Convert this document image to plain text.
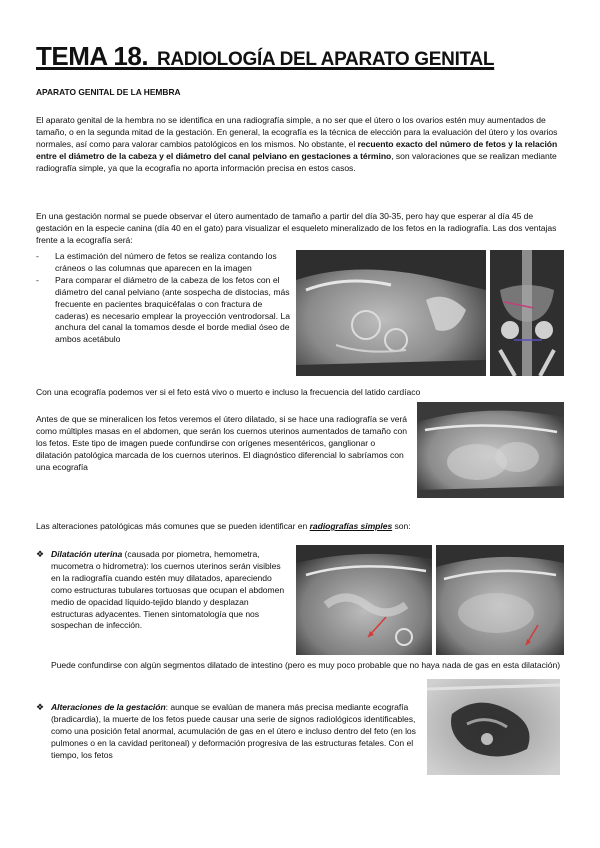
TEMA 18. RADIOLOGÍA DEL APARATO GENITAL

APARATO GENITAL DE LA HEMBRA

El aparato genital de la hembra no se identifica en una radiografía simple, a no ser que el útero o los ovarios estén muy aumentados de tamaño, o en la segunda mitad de la gestación. En general, la ecografía es la técnica de elección para la evaluación del útero y los ovarios normales, así como para valorar cambios patológicos en los mismos. No obstante, el recuento exacto del número de fetos y la relación entre el diámetro de la cabeza y el diámetro del canal pelviano en gestaciones a término, son valoraciones que se realizan mediante radiografía simple, ya que la ecografía no aporta información precisa en estos casos.

En una gestación normal se puede observar el útero aumentado de tamaño a partir del día 30-35, pero hay que esperar al día 45 de gestación en la especie canina (día 40 en el gato) para visualizar el esqueleto mineralizado de los fetos en la radiografía. Las dos ventajas frente a la ecografía será:

- La estimación del número de fetos se realiza contando los cráneos o las columnas que aparecen en la imagen
- Para comparar el diámetro de la cabeza de los fetos con el diámetro del canal pelviano (ante sospecha de distocias, más frecuente en pacientes braquicéfalas o con fractura de caderas) es necesario emplear la proyección ventrodorsal. La anchura del canal la tomamos desde el borde medial óseo de ambos acetábulo

Con una ecografía podemos ver si el feto está vivo o muerto e incluso la frecuencia del latido cardíaco

Antes de que se mineralicen los fetos veremos el útero dilatado, si se hace una radiografía se verá como múltiples masas en el abdomen, que serán los cuernos uterinos aumentados de tamaño con los fetos. Este tipo de imagen puede confundirse con orígenes mesentéricos, ganglionar o dilatación patológica marcada de los cuernos uterinos. El diagnóstico diferencial lo sabríamos con una ecografía

Las alteraciones patológicas más comunes que se pueden identificar en radiografías simples son:

❖ Dilatación uterina (causada por piometra, hemometra, mucometra o hidrometra): los cuernos uterinos serán visibles en la radiografía cuando estén muy dilatados, apareciendo como estructuras tubulares tortuosas que ocupan el abdomen medio de opacidad líquido-tejido blando y desplazan estructuras adyacentes. Tienen sintomatología que nos sospechan de infección.

Puede confundirse con algún segmentos dilatado de intestino (pero es muy poco probable que no haya nada de gas en esta dilatación)

❖ Alteraciones de la gestación: aunque se evalúan de manera más precisa mediante ecografía (bradicardia), la muerte de los fetos puede causar una serie de signos radiológicos identificables, como una posición fetal anormal, acumulación de gas en el útero e incluso dentro del feto (en los pulmones o en la cavidad peritoneal) y deformación progresiva de las estructuras fetales. Con el tiempo, los fetos
